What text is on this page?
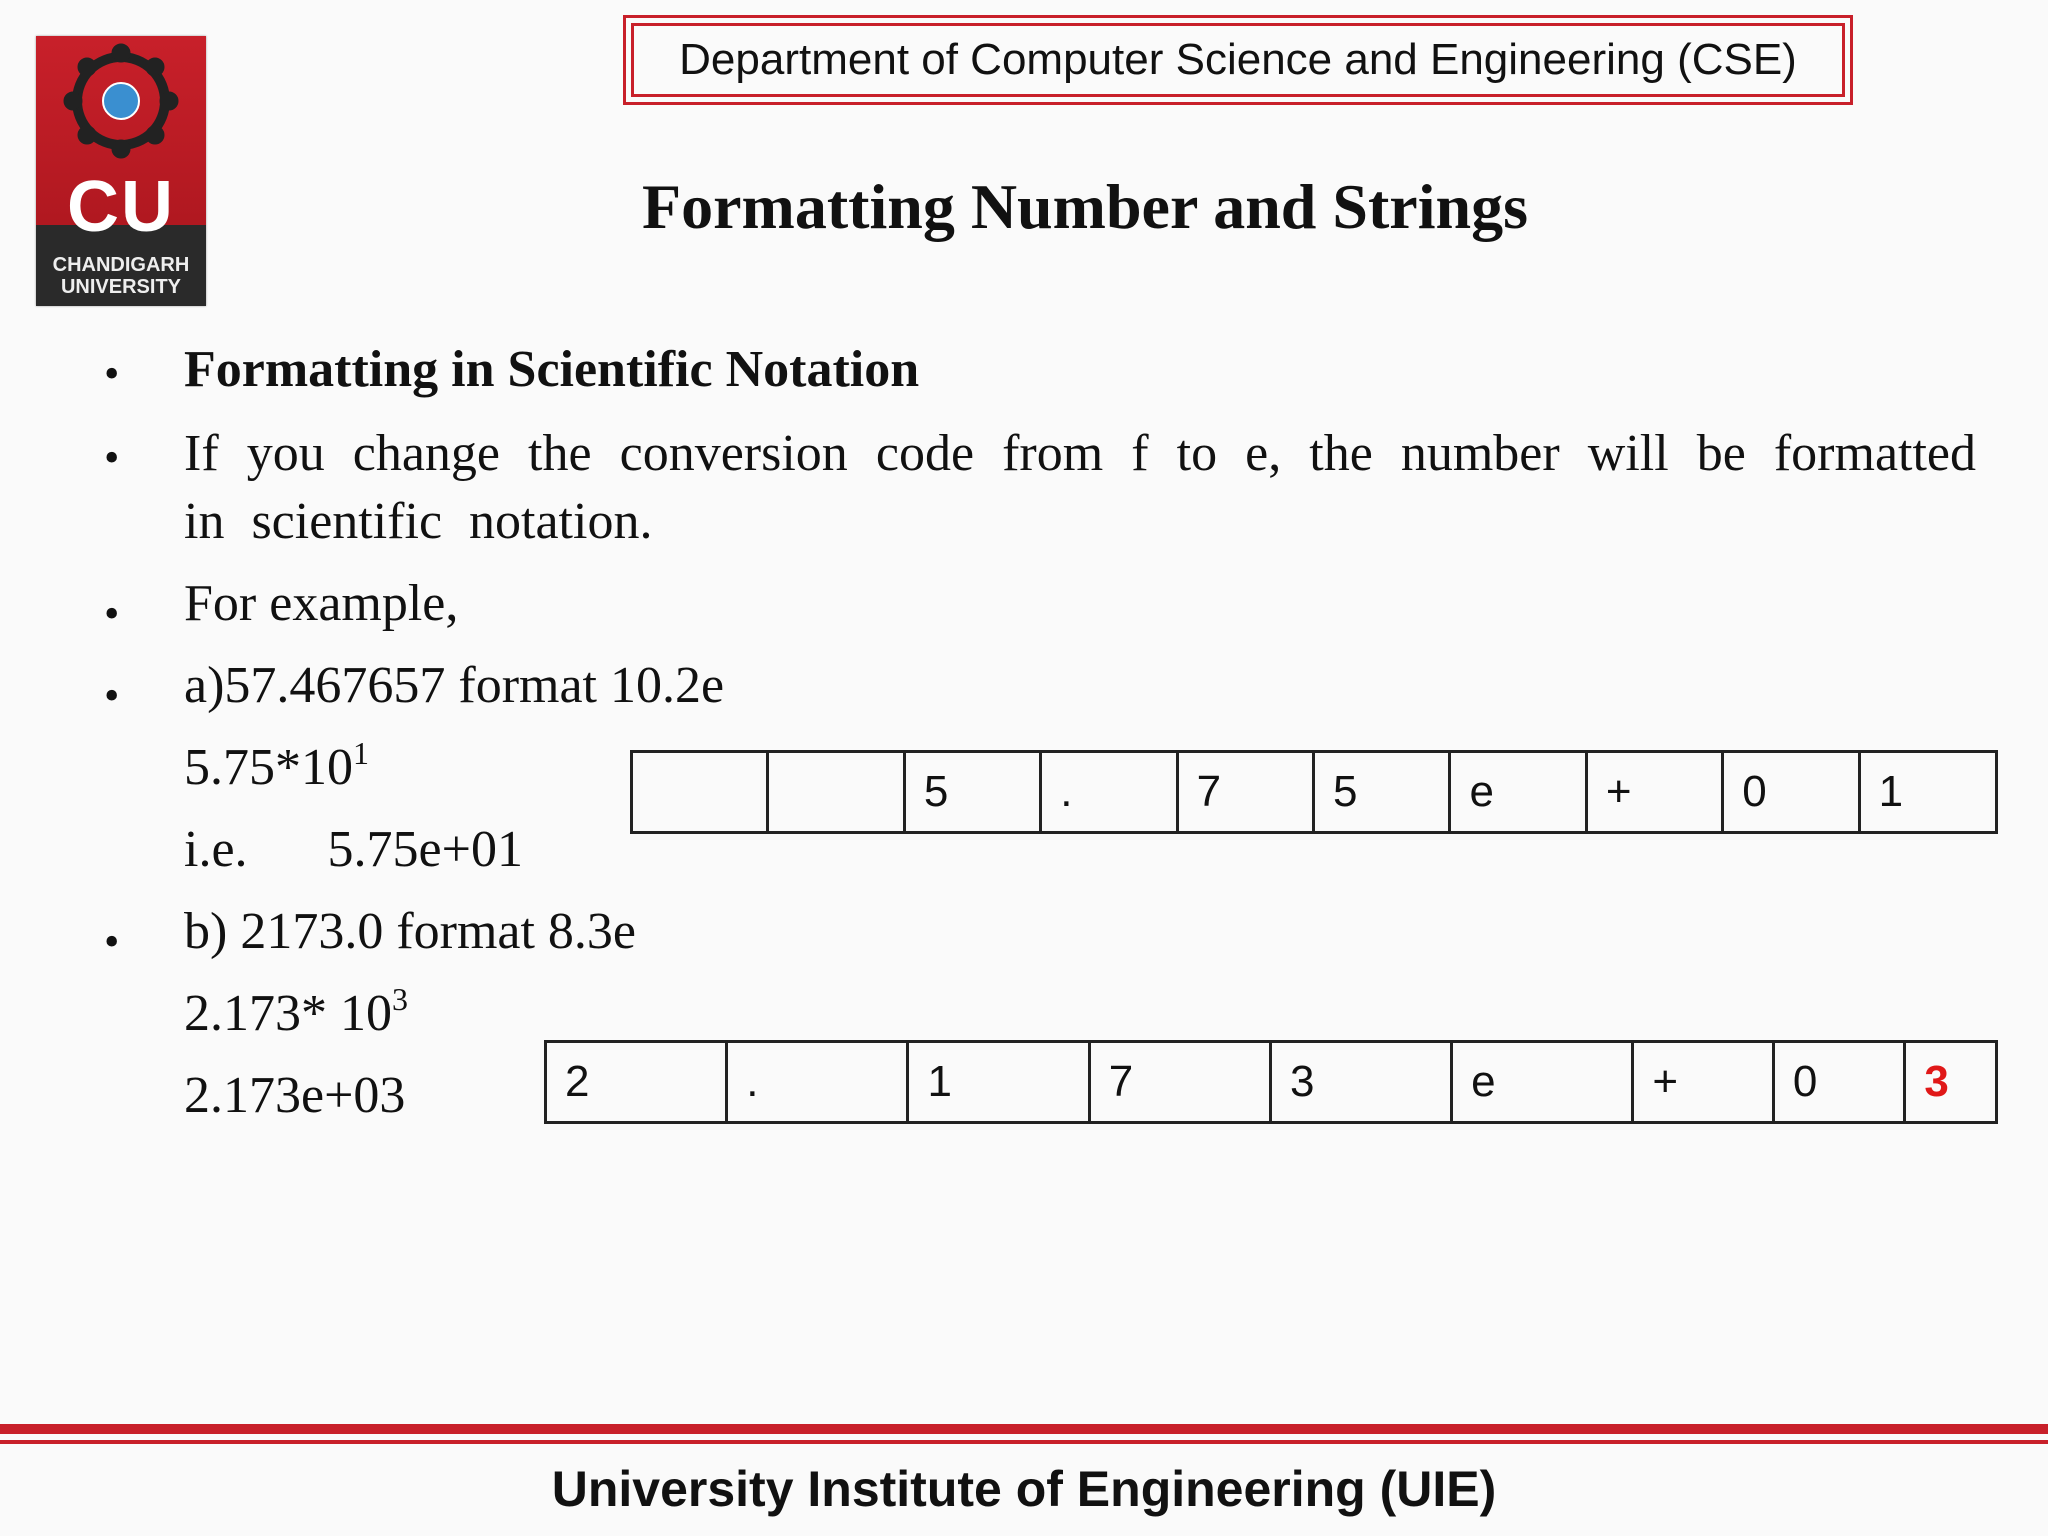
CU
CHANDIGARH
UNIVERSITY
Department of Computer Science and Engineering (CSE)
Formatting Number and Strings
• Formatting in Scientific Notation
• If you change the conversion code from f to e, the number will be formatted in scientific notation.
• For example,
• a)57.467657 format 10.2e
$5.75*10^1$
i.e. 5.75e+01
5	.	7	5	e	+	0	1
• b) 2173.0 format 8.3e
2.173* $10^3$
2.173e+03	2	.	1	7	3	e	+	0	3
University Institute of Engineering (UIE)
